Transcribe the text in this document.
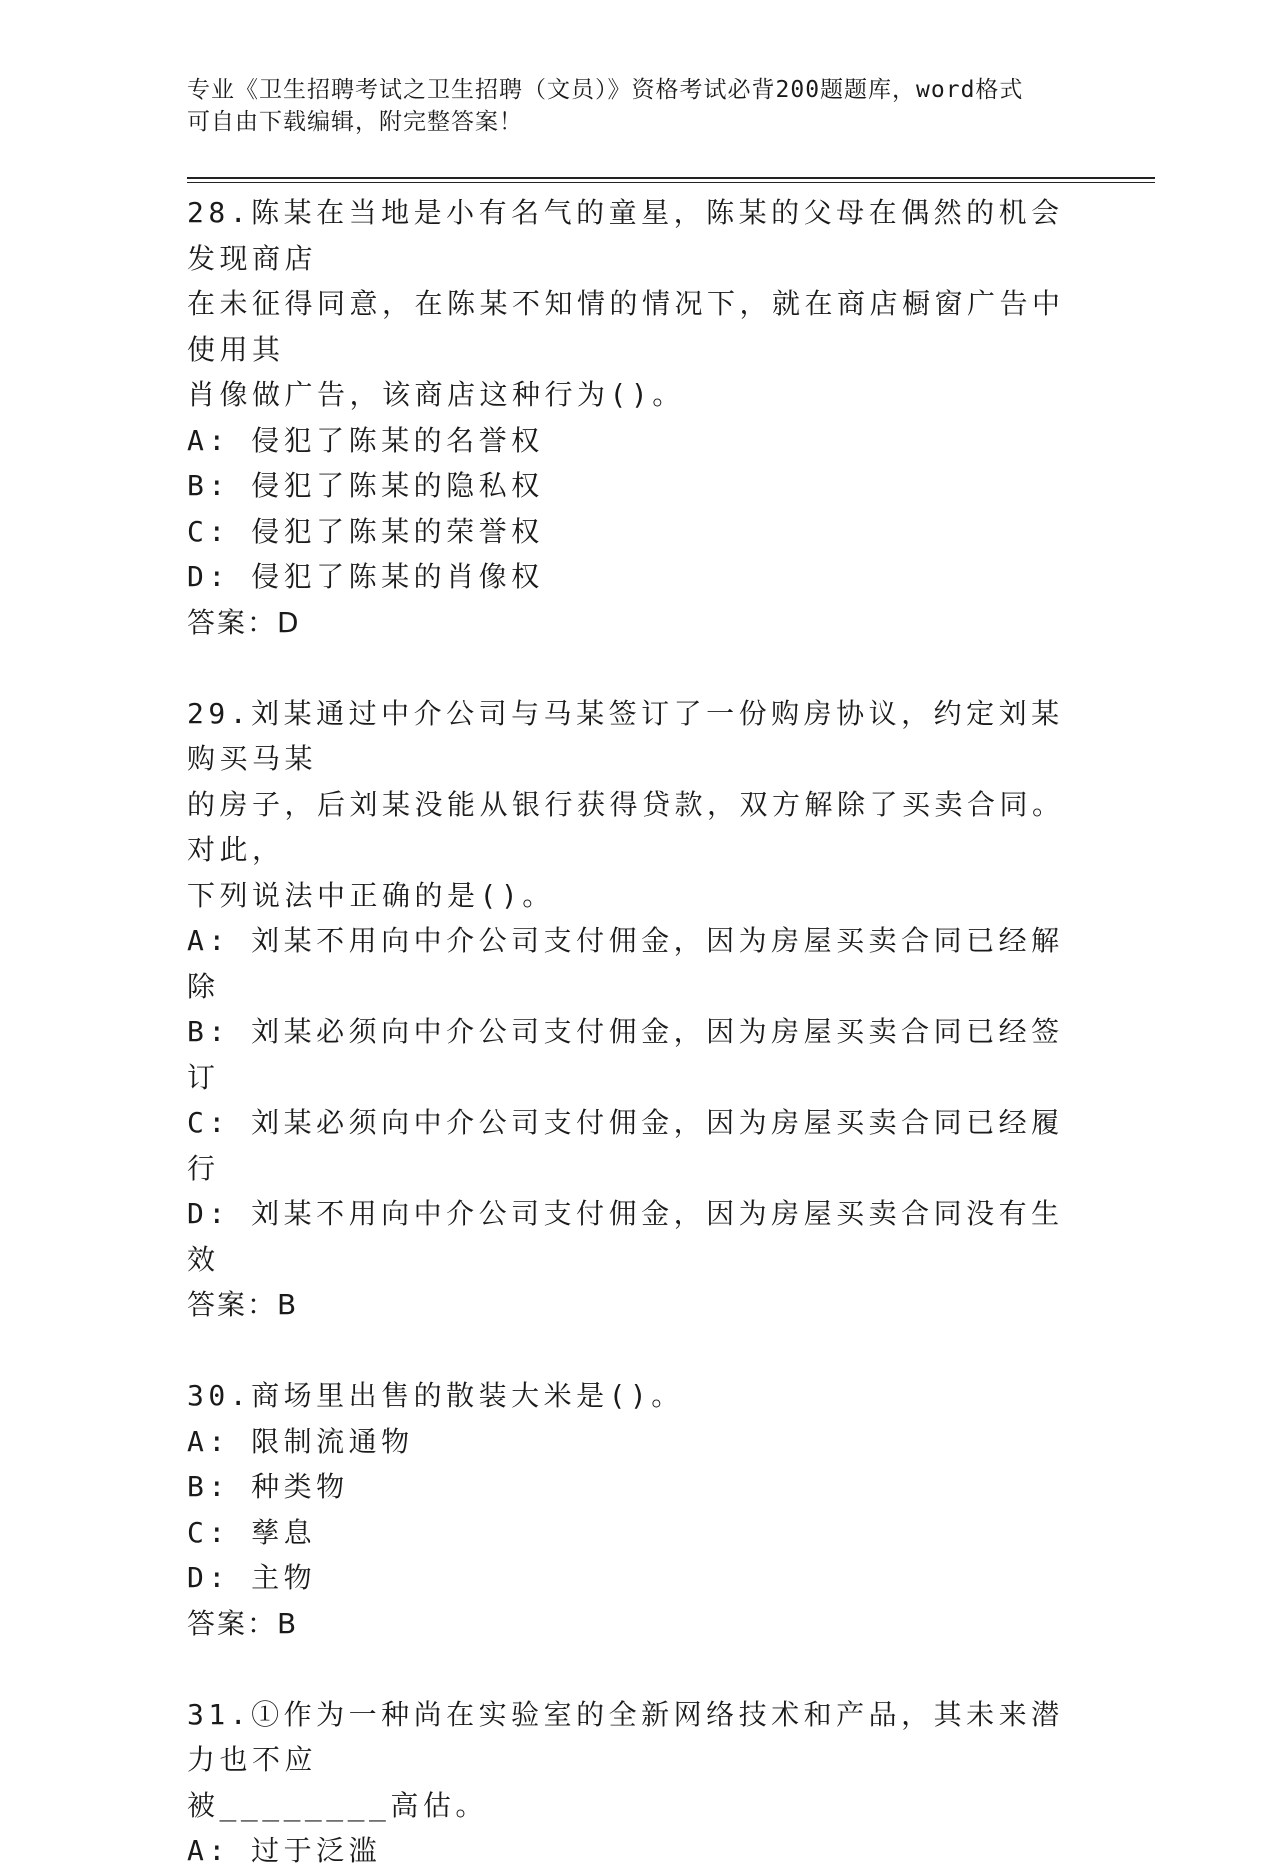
专业《卫生招聘考试之卫生招聘（文员）》资格考试必背200题题库，word格式
可自由下载编辑，附完整答案！
28.陈某在当地是小有名气的童星，陈某的父母在偶然的机会发现商店
在未征得同意，在陈某不知情的情况下，就在商店橱窗广告中使用其
肖像做广告，该商店这种行为()。
A: 侵犯了陈某的名誉权
B: 侵犯了陈某的隐私权
C: 侵犯了陈某的荣誉权
D: 侵犯了陈某的肖像权
答案：D
29.刘某通过中介公司与马某签订了一份购房协议，约定刘某购买马某
的房子，后刘某没能从银行获得贷款，双方解除了买卖合同。对此，
下列说法中正确的是()。
A: 刘某不用向中介公司支付佣金，因为房屋买卖合同已经解除
B: 刘某必须向中介公司支付佣金，因为房屋买卖合同已经签订
C: 刘某必须向中介公司支付佣金，因为房屋买卖合同已经履行
D: 刘某不用向中介公司支付佣金，因为房屋买卖合同没有生效
答案：B
30.商场里出售的散装大米是()。
A: 限制流通物
B: 种类物
C: 孳息
D: 主物
答案：B
31.①作为一种尚在实验室的全新网络技术和产品，其未来潜力也不应
被________高估。
A: 过于泛滥
